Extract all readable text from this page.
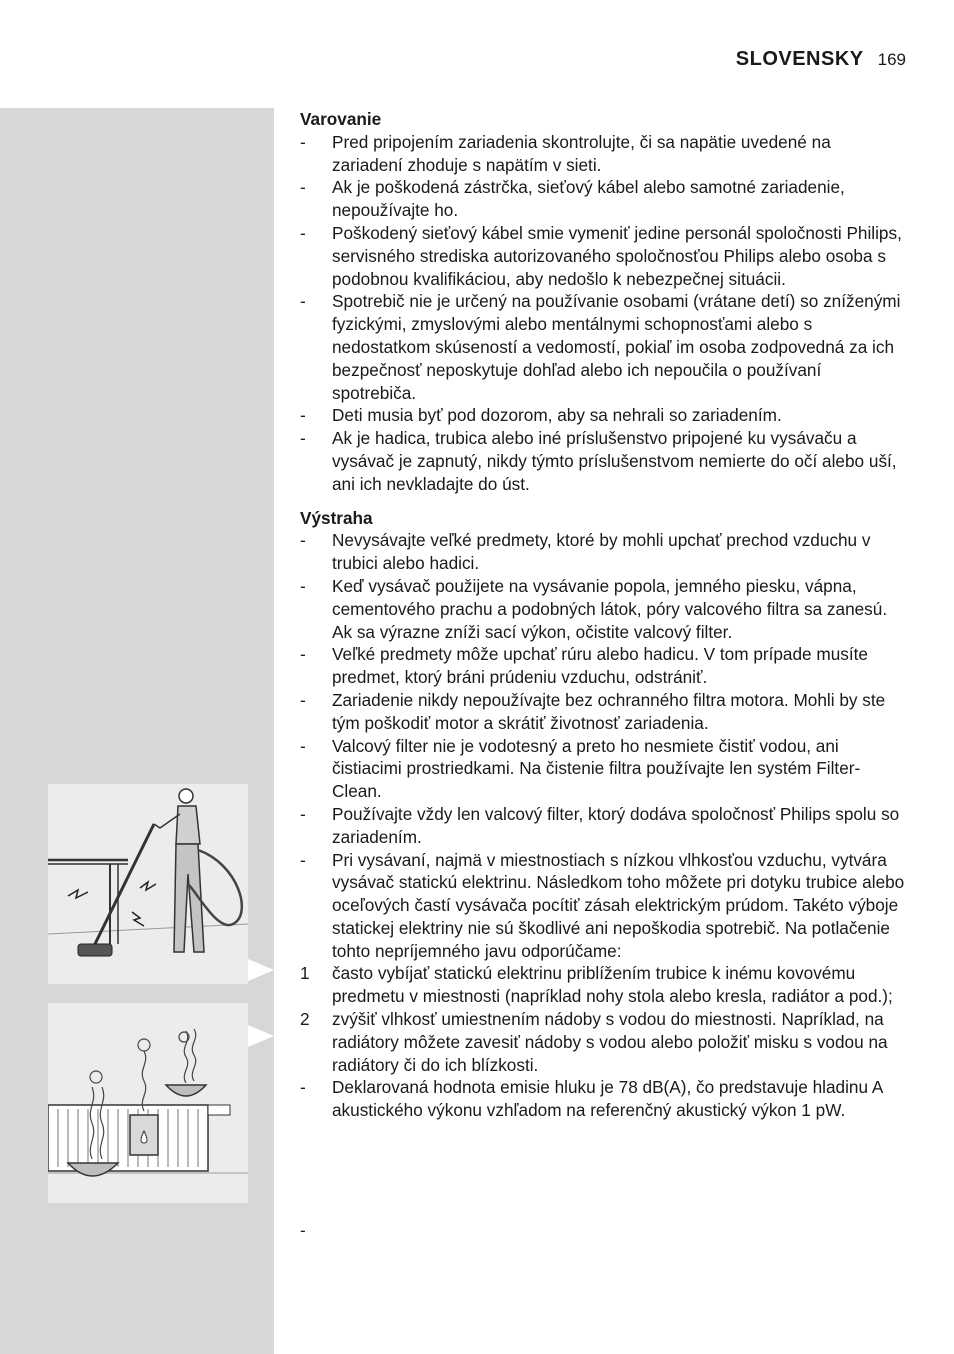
SLOVENSKY 169
Varovanie
-	Pred pripojením zariadenia skontrolujte, či sa napätie uvedené na zariadení zhoduje s napätím v sieti.
-	Ak je poškodená zástrčka, sieťový kábel alebo samotné zariadenie, nepoužívajte ho.
-	Poškodený sieťový kábel smie vymeniť jedine personál spoločnosti Philips, servisného strediska autorizovaného spoločnosťou Philips alebo osoba s podobnou kvalifikáciou, aby nedošlo k nebezpečnej situácii.
-	Spotrebič nie je určený na používanie osobami (vrátane detí) so zníženými fyzickými, zmyslovými alebo mentálnymi schopnosťami alebo s nedostatkom skúseností a vedomostí, pokiaľ im osoba zodpovedná za ich bezpečnosť neposkytuje dohľad alebo ich nepoučila o používaní spotrebiča.
-	Deti musia byť pod dozorom, aby sa nehrali so zariadením.
-	Ak je hadica, trubica alebo iné príslušenstvo pripojené ku vysávaču a vysávač je zapnutý, nikdy týmto príslušenstvom nemierte do očí alebo uší, ani ich nevkladajte do úst.
Výstraha
-	Nevysávajte veľké predmety, ktoré by mohli upchať prechod vzduchu v trubici alebo hadici.
-	Keď vysávač použijete na vysávanie popola, jemného piesku, vápna, cementového prachu a podobných látok, póry valcového filtra sa zanesú. Ak sa výrazne zníži sací výkon, očistite valcový filter.
-	Veľké predmety môže upchať rúru alebo hadicu. V tom prípade musíte predmet, ktorý bráni prúdeniu vzduchu, odstrániť.
-	Zariadenie nikdy nepoužívajte bez ochranného filtra motora. Mohli by ste tým poškodiť motor a skrátiť životnosť zariadenia.
-	Valcový filter nie je vodotesný a preto ho nesmiete čistiť vodou, ani čistiacimi prostriedkami. Na čistenie filtra používajte len systém Filter-Clean.
-	Používajte vždy len valcový filter, ktorý dodáva spoločnosť Philips spolu so zariadením.
-	Pri vysávaní, najmä v miestnostiach s nízkou vlhkosťou vzduchu, vytvára vysávač statickú elektrinu. Následkom toho môžete pri dotyku trubice alebo oceľových častí vysávača pocítiť zásah elektrickým prúdom. Takéto výboje statickej elektriny nie sú škodlivé ani nepoškodia spotrebič. Na potlačenie tohto nepríjemného javu odporúčame:
1	často vybíjať statickú elektrinu priblížením trubice k inému kovovému predmetu v miestnosti (napríklad nohy stola alebo kresla, radiátor a pod.);
2	zvýšiť vlhkosť umiestnením nádoby s vodou do miestnosti. Napríklad, na radiátory môžete zavesiť nádoby s vodou alebo položiť misku s vodou na radiátory či do ich blízkosti.
-	Deklarovaná hodnota emisie hluku je 78 dB(A), čo predstavuje hladinu A akustického výkonu vzhľadom na referenčný akustický výkon 1 pW.
-
